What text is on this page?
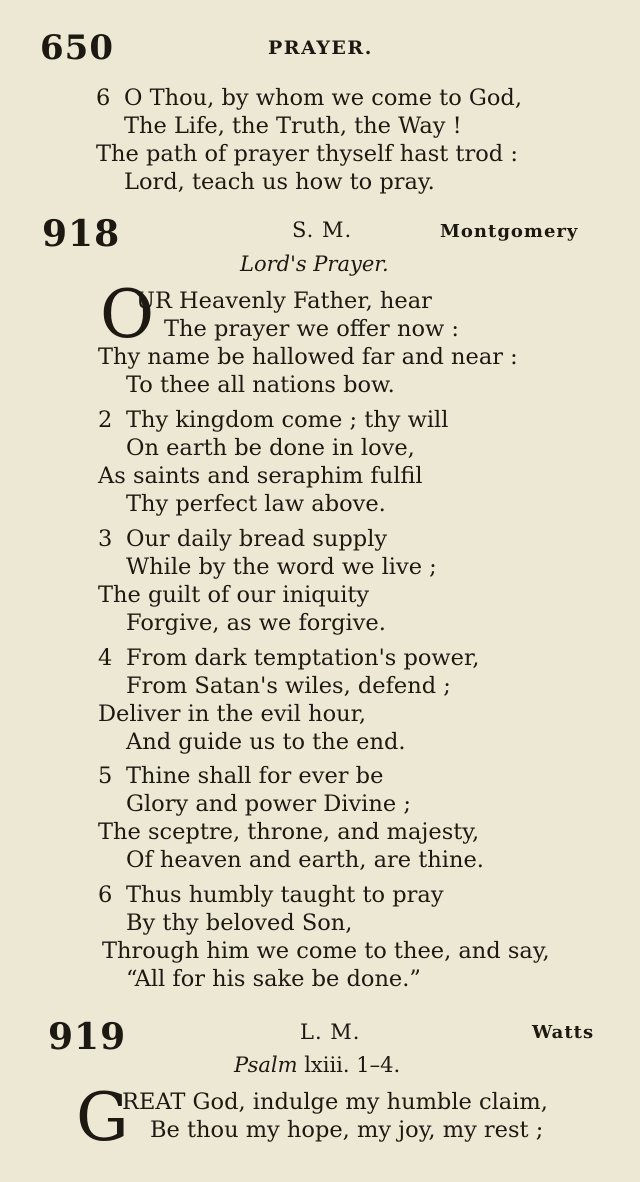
650	PRAYER.
6 O Thou, by whom we come to God,
The Life, the Truth, the Way !
The path of prayer thyself hast trod :
Lord, teach us how to pray.
918	S. M.	Montgomery
Lord's Prayer.
O
UR Heavenly Father, hear
The prayer we offer now :
Thy name be hallowed far and near :
To thee all nations bow.
2 Thy kingdom come ; thy will
On earth be done in love,
As saints and seraphim fulfil
Thy perfect law above.
3 Our daily bread supply
While by the word we live ;
The guilt of our iniquity
Forgive, as we forgive.
4 From dark temptation's power,
From Satan's wiles, defend ;
Deliver in the evil hour,
And guide us to the end.
5 Thine shall for ever be
Glory and power Divine ;
The sceptre, throne, and majesty,
Of heaven and earth, are thine.
6 Thus humbly taught to pray
By thy beloved Son,
Through him we come to thee, and say,
“All for his sake be done.”
919	L. M.	Watts
Psalm lxiii. 1–4.
G
REAT God, indulge my humble claim,
Be thou my hope, my joy, my rest ;
